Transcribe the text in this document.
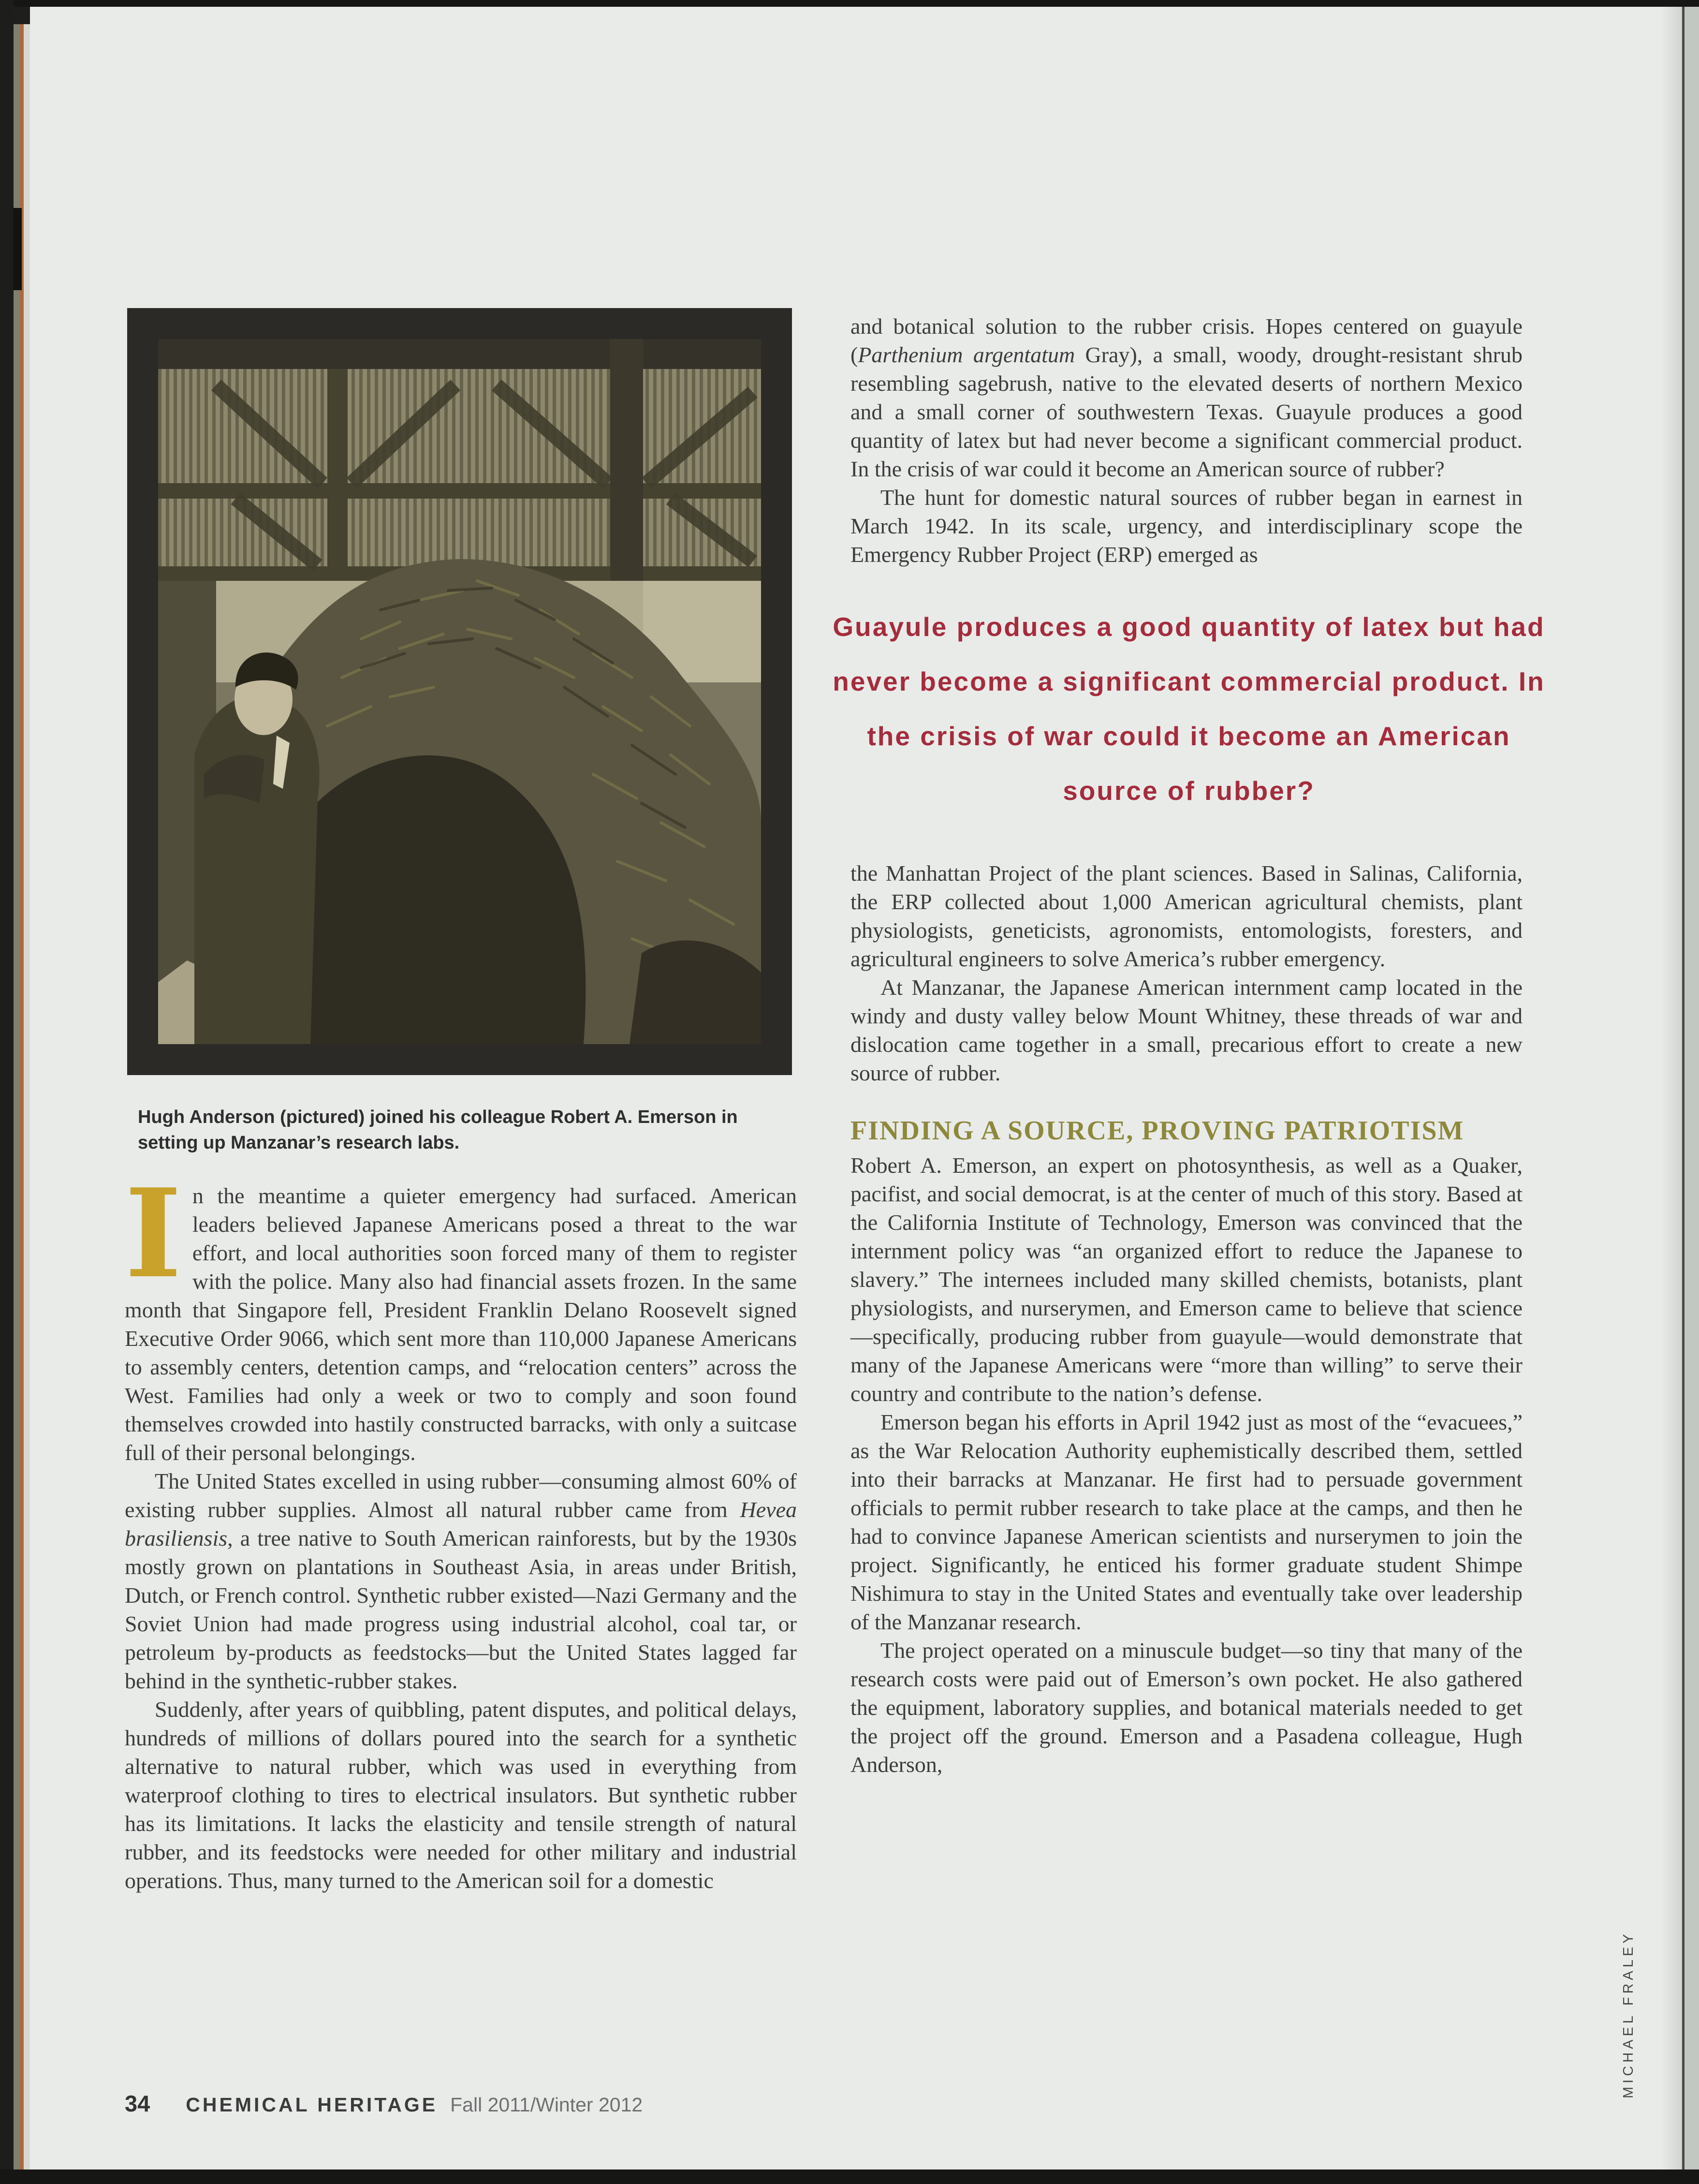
Hugh Anderson (pictured) joined his colleague Robert A. Emerson in setting up Manzanar’s research labs.

In the meantime a quieter emergency had surfaced. American leaders believed Japanese Americans posed a threat to the war effort, and local authorities soon forced many of them to register with the police. Many also had financial assets frozen. In the same month that Singapore fell, President Franklin Delano Roosevelt signed Executive Order 9066, which sent more than 110,000 Japanese Americans to assembly centers, detention camps, and “relocation centers” across the West. Families had only a week or two to comply and soon found themselves crowded into hastily constructed barracks, with only a suitcase full of their personal belongings.

The United States excelled in using rubber—consuming almost 60% of existing rubber supplies. Almost all natural rubber came from Hevea brasiliensis, a tree native to South American rainforests, but by the 1930s mostly grown on plantations in Southeast Asia, in areas under British, Dutch, or French control. Synthetic rubber existed—Nazi Germany and the Soviet Union had made progress using industrial alcohol, coal tar, or petroleum by-products as feedstocks—but the United States lagged far behind in the synthetic-rubber stakes.

Suddenly, after years of quibbling, patent disputes, and political delays, hundreds of millions of dollars poured into the search for a synthetic alternative to natural rubber, which was used in everything from waterproof clothing to tires to electrical insulators. But synthetic rubber has its limitations. It lacks the elasticity and tensile strength of natural rubber, and its feedstocks were needed for other military and industrial operations. Thus, many turned to the American soil for a domestic

and botanical solution to the rubber crisis. Hopes centered on guayule (Parthenium argentatum Gray), a small, woody, drought-resistant shrub resembling sagebrush, native to the elevated deserts of northern Mexico and a small corner of southwestern Texas. Guayule produces a good quantity of latex but had never become a significant commercial product. In the crisis of war could it become an American source of rubber?

The hunt for domestic natural sources of rubber began in earnest in March 1942. In its scale, urgency, and interdisciplinary scope the Emergency Rubber Project (ERP) emerged as

Guayule produces a good quantity of latex but had never become a significant commercial product. In the crisis of war could it become an American source of rubber?

the Manhattan Project of the plant sciences. Based in Salinas, California, the ERP collected about 1,000 American agricultural chemists, plant physiologists, geneticists, agronomists, entomologists, foresters, and agricultural engineers to solve America’s rubber emergency.

At Manzanar, the Japanese American internment camp located in the windy and dusty valley below Mount Whitney, these threads of war and dislocation came together in a small, precarious effort to create a new source of rubber.

FINDING A SOURCE, PROVING PATRIOTISM

Robert A. Emerson, an expert on photosynthesis, as well as a Quaker, pacifist, and social democrat, is at the center of much of this story. Based at the California Institute of Technology, Emerson was convinced that the internment policy was “an organized effort to reduce the Japanese to slavery.” The internees included many skilled chemists, botanists, plant physiologists, and nurserymen, and Emerson came to believe that science—specifically, producing rubber from guayule—would demonstrate that many of the Japanese Americans were “more than willing” to serve their country and contribute to the nation’s defense.

Emerson began his efforts in April 1942 just as most of the “evacuees,” as the War Relocation Authority euphemistically described them, settled into their barracks at Manzanar. He first had to persuade government officials to permit rubber research to take place at the camps, and then he had to convince Japanese American scientists and nurserymen to join the project. Significantly, he enticed his former graduate student Shimpe Nishimura to stay in the United States and eventually take over leadership of the Manzanar research.

The project operated on a minuscule budget—so tiny that many of the research costs were paid out of Emerson’s own pocket. He also gathered the equipment, laboratory supplies, and botanical materials needed to get the project off the ground. Emerson and a Pasadena colleague, Hugh Anderson,

34 CHEMICAL HERITAGE Fall 2011/Winter 2012
MICHAEL FRALEY
